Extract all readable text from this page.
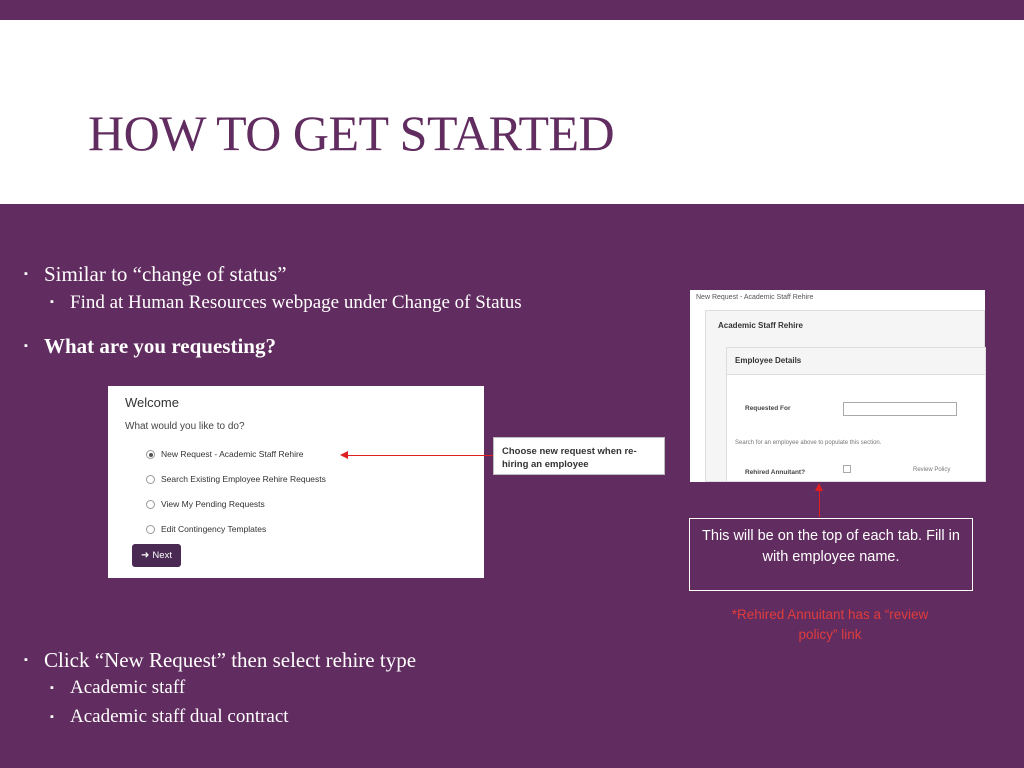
HOW TO GET STARTED
▪ Similar to “change of status”
▪ Find at Human Resources webpage under Change of Status
▪ What are you requesting?
Welcome
What would you like to do?
New Request - Academic Staff Rehire
Search Existing Employee Rehire Requests
View My Pending Requests
Edit Contingency Templates
➜ Next
Choose new request when re-hiring an employee
New Request - Academic Staff Rehire
Academic Staff Rehire
Employee Details
Requested For
Search for an employee above to populate this section.
Rehired Annuitant?	Review Policy
This will be on the top of each tab. Fill in with employee name.
*Rehired Annuitant has a “review policy” link
▪ Click “New Request” then select rehire type
▪ Academic staff
▪ Academic staff dual contract
